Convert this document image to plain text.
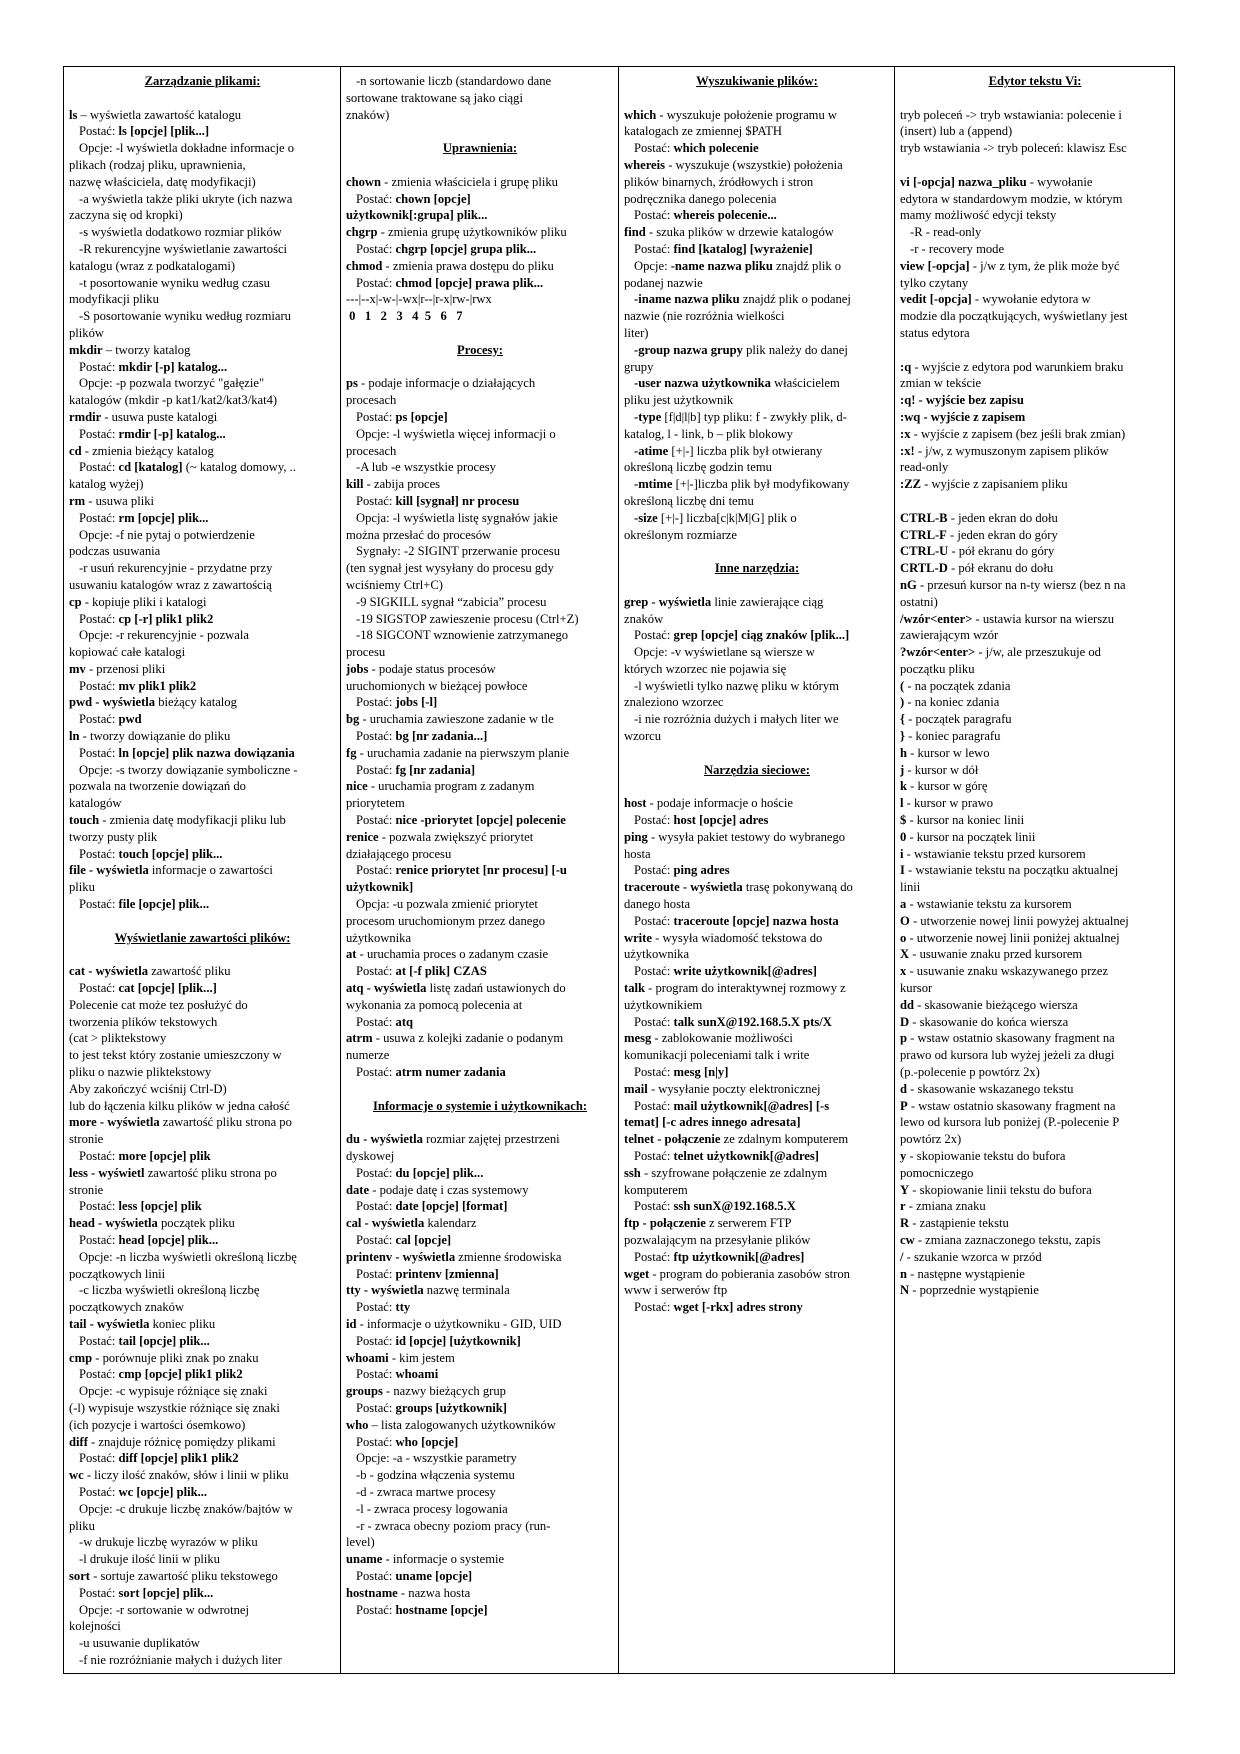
Zarządzanie plikami:
ls – wyświetla zawartość katalogu
Postać: ls [opcje] [plik...]
Opcje: -l wyświetla dokładne informacje o
plikach (rodzaj pliku, uprawnienia,
nazwę właściciela, datę modyfikacji)
-a wyświetla także pliki ukryte (ich nazwa
zaczyna się od kropki)
-s wyświetla dodatkowo rozmiar plików
-R rekurencyjne wyświetlanie zawartości
katalogu (wraz z podkatalogami)
-t posortowanie wyniku według czasu
modyfikacji pliku
-S posortowanie wyniku według rozmiaru
plików
mkdir – tworzy katalog
Postać: mkdir [-p] katalog...
Opcje: -p pozwala tworzyć "gałęzie"
katalogów (mkdir -p kat1/kat2/kat3/kat4)
rmdir - usuwa puste katalogi
Postać: rmdir [-p] katalog...
cd - zmienia bieżący katalog
Postać: cd [katalog] (~ katalog domowy, ..
katalog wyżej)
rm - usuwa pliki
Postać: rm [opcje] plik...
Opcje: -f nie pytaj o potwierdzenie
podczas usuwania
-r usuń rekurencyjnie - przydatne przy
usuwaniu katalogów wraz z zawartością
cp - kopiuje pliki i katalogi
Postać: cp [-r] plik1 plik2
Opcje: -r rekurencyjnie - pozwala
kopiować całe katalogi
mv - przenosi pliki
Postać: mv plik1 plik2
pwd - wyświetla bieżący katalog
Postać: pwd
ln - tworzy dowiązanie do pliku
Postać: ln [opcje] plik nazwa dowiązania
Opcje: -s tworzy dowiązanie symboliczne -
pozwala na tworzenie dowiązań do
katalogów
touch - zmienia datę modyfikacji pliku lub
tworzy pusty plik
Postać: touch [opcje] plik...
file - wyświetla informacje o zawartości
pliku
Postać: file [opcje] plik...
Wyświetlanie zawartości plików:
cat - wyświetla zawartość pliku
Postać: cat [opcje] [plik...]
Polecenie cat może tez posłużyć do
tworzenia plików tekstowych
(cat > pliktekstowy
to jest tekst który zostanie umieszczony w
pliku o nazwie pliktekstowy
Aby zakończyć wciśnij Ctrl-D)
lub do łączenia kilku plików w jedna całość
more - wyświetla zawartość pliku strona po
stronie
Postać: more [opcje] plik
less - wyświetl zawartość pliku strona po
stronie
Postać: less [opcje] plik
head - wyświetla początek pliku
Postać: head [opcje] plik...
Opcje: -n liczba wyświetli określoną liczbę
początkowych linii
-c liczba wyświetli określoną liczbę
początkowych znaków
tail - wyświetla koniec pliku
Postać: tail [opcje] plik...
cmp - porównuje pliki znak po znaku
Postać: cmp [opcje] plik1 plik2
Opcje: -c wypisuje różniące się znaki
(-l) wypisuje wszystkie różniące się znaki
(ich pozycje i wartości ósemkowo)
diff - znajduje różnicę pomiędzy plikami
Postać: diff [opcje] plik1 plik2
wc - liczy ilość znaków, słów i linii w pliku
Postać: wc [opcje] plik...
Opcje: -c drukuje liczbę znaków/bajtów w
pliku
-w drukuje liczbę wyrazów w pliku
-l drukuje ilość linii w pliku
sort - sortuje zawartość pliku tekstowego
Postać: sort [opcje] plik...
Opcje: -r sortowanie w odwrotnej
kolejności
-u usuwanie duplikatów
-f nie rozróżnianie małych i dużych liter
-n sortowanie liczb (standardowo dane
sortowane traktowane są jako ciągi
znaków)
Uprawnienia:
chown - zmienia właściciela i grupę pliku
Postać: chown [opcje]
użytkownik[:grupa] plik...
chgrp - zmienia grupę użytkowników pliku
Postać: chgrp [opcje] grupa plik...
chmod - zmienia prawa dostępu do pliku
Postać: chmod [opcje] prawa plik...
---|--x|-w-|-wx|r--|r-x|rw-|rwx
0   1   2   3   4  5   6   7
Procesy:
ps - podaje informacje o działających
procesach
Postać: ps [opcje]
Opcje: -l wyświetla więcej informacji o
procesach
-A lub -e wszystkie procesy
kill - zabija proces
Postać: kill [sygnał] nr procesu
Opcja: -l wyświetla listę sygnałów jakie
można przesłać do procesów
Sygnały: -2 SIGINT przerwanie procesu
(ten sygnał jest wysyłany do procesu gdy
wciśniemy Ctrl+C)
-9 SIGKILL sygnał “zabicia” procesu
-19 SIGSTOP zawieszenie procesu (Ctrl+Z)
-18 SIGCONT wznowienie zatrzymanego
procesu
jobs - podaje status procesów
uruchomionych w bieżącej powłoce
Postać: jobs [-l]
bg - uruchamia zawieszone zadanie w tle
Postać: bg [nr zadania...]
fg - uruchamia zadanie na pierwszym planie
Postać: fg [nr zadania]
nice - uruchamia program z zadanym
priorytetem
Postać: nice -priorytet [opcje] polecenie
renice - pozwala zwiększyć priorytet
działającego procesu
Postać: renice priorytet [nr procesu] [-u
użytkownik]
Opcja: -u pozwala zmienić priorytet
procesom uruchomionym przez danego
użytkownika
at - uruchamia proces o zadanym czasie
Postać: at [-f plik] CZAS
atq - wyświetla listę zadań ustawionych do
wykonania za pomocą polecenia at
Postać: atq
atrm - usuwa z kolejki zadanie o podanym
numerze
Postać: atrm numer zadania
Informacje o systemie i użytkownikach:
du - wyświetla rozmiar zajętej przestrzeni
dyskowej
Postać: du [opcje] plik...
date - podaje datę i czas systemowy
Postać: date [opcje] [format]
cal - wyświetla kalendarz
Postać: cal [opcje]
printenv - wyświetla zmienne środowiska
Postać: printenv [zmienna]
tty - wyświetla nazwę terminala
Postać: tty
id - informacje o użytkowniku - GID, UID
Postać: id [opcje] [użytkownik]
whoami - kim jestem
Postać: whoami
groups - nazwy bieżących grup
Postać: groups [użytkownik]
who – lista zalogowanych użytkowników
Postać: who [opcje]
Opcje: -a - wszystkie parametry
-b - godzina włączenia systemu
-d - zwraca martwe procesy
-l - zwraca procesy logowania
-r - zwraca obecny poziom pracy (run-
level)
uname - informacje o systemie
Postać: uname [opcje]
hostname - nazwa hosta
Postać: hostname [opcje]
Wyszukiwanie plików:
which - wyszukuje położenie programu w
katalogach ze zmiennej $PATH
Postać: which polecenie
whereis - wyszukuje (wszystkie) położenia
plików binarnych, źródłowych i stron
podręcznika danego polecenia
Postać: whereis polecenie...
find - szuka plików w drzewie katalogów
Postać: find [katalog] [wyrażenie]
Opcje: -name nazwa pliku znajdź plik o
podanej nazwie
-iname nazwa pliku znajdź plik o podanej
nazwie (nie rozróżnia wielkości
liter)
-group nazwa grupy plik należy do danej
grupy
-user nazwa użytkownika właścicielem
pliku jest użytkownik
-type [f|d|l|b] typ pliku: f - zwykły plik, d-
katalog, l - link, b – plik blokowy
-atime [+|-] liczba plik był otwierany
określoną liczbę godzin temu
-mtime [+|-]liczba plik był modyfikowany
określoną liczbę dni temu
-size [+|-] liczba[c|k|M|G] plik o
określonym rozmiarze
Inne narzędzia:
grep - wyświetla linie zawierające ciąg
znaków
Postać: grep [opcje] ciąg znaków [plik...]
Opcje: -v wyświetlane są wiersze w
których wzorzec nie pojawia się
-l wyświetli tylko nazwę pliku w którym
znaleziono wzorzec
-i nie rozróżnia dużych i małych liter we
wzorcu
Narzędzia sieciowe:
host - podaje informacje o hoście
Postać: host [opcje] adres
ping - wysyła pakiet testowy do wybranego
hosta
Postać: ping adres
traceroute - wyświetla trasę pokonywaną do
danego hosta
Postać: traceroute [opcje] nazwa hosta
write - wysyła wiadomość tekstowa do
użytkownika
Postać: write użytkownik[@adres]
talk - program do interaktywnej rozmowy z
użytkownikiem
Postać: talk sunX@192.168.5.X pts/X
mesg - zablokowanie możliwości
komunikacji poleceniami talk i write
Postać: mesg [n|y]
mail - wysyłanie poczty elektronicznej
Postać: mail użytkownik[@adres] [-s
temat] [-c adres innego adresata]
telnet - połączenie ze zdalnym komputerem
Postać: telnet użytkownik[@adres]
ssh - szyfrowane połączenie ze zdalnym
komputerem
Postać: ssh sunX@192.168.5.X
ftp - połączenie z serwerem FTP
pozwalającym na przesyłanie plików
Postać: ftp użytkownik[@adres]
wget - program do pobierania zasobów stron
www i serwerów ftp
Postać: wget [-rkx] adres strony
Edytor tekstu Vi:
tryb poleceń -> tryb wstawiania: polecenie i
(insert) lub a (append)
tryb wstawiania -> tryb poleceń: klawisz Esc
vi [-opcja] nazwa_pliku - wywołanie
edytora w standardowym modzie, w którym
mamy możliwość edycji teksty
-R - read-only
-r - recovery mode
view [-opcja] - j/w z tym, że plik może być
tylko czytany
vedit [-opcja] - wywołanie edytora w
modzie dla początkujących, wyświetlany jest
status edytora
:q - wyjście z edytora pod warunkiem braku
zmian w tekście
:q! - wyjście bez zapisu
:wq - wyjście z zapisem
:x - wyjście z zapisem (bez jeśli brak zmian)
:x! - j/w, z wymuszonym zapisem plików
read-only
:ZZ - wyjście z zapisaniem pliku
CTRL-B - jeden ekran do dołu
CTRL-F - jeden ekran do góry
CTRL-U - pół ekranu do góry
CRTL-D - pół ekranu do dołu
nG - przesuń kursor na n-ty wiersz (bez n na
ostatni)
/wzór<enter> - ustawia kursor na wierszu
zawierającym wzór
?wzór<enter> - j/w, ale przeszukuje od
początku pliku
( - na początek zdania
) - na koniec zdania
{ - początek paragrafu
} - koniec paragrafu
h - kursor w lewo
j - kursor w dół
k - kursor w górę
l - kursor w prawo
$ - kursor na koniec linii
0 - kursor na początek linii
i - wstawianie tekstu przed kursorem
I - wstawianie tekstu na początku aktualnej
linii
a - wstawianie tekstu za kursorem
O - utworzenie nowej linii powyżej aktualnej
o - utworzenie nowej linii poniżej aktualnej
X - usuwanie znaku przed kursorem
x - usuwanie znaku wskazywanego przez
kursor
dd - skasowanie bieżącego wiersza
D - skasowanie do końca wiersza
p - wstaw ostatnio skasowany fragment na
prawo od kursora lub wyżej jeżeli za długi
(p.-polecenie p powtórz 2x)
d - skasowanie wskazanego tekstu
P - wstaw ostatnio skasowany fragment na
lewo od kursora lub poniżej (P.-polecenie P
powtórz 2x)
y - skopiowanie tekstu do bufora
pomocniczego
Y - skopiowanie linii tekstu do bufora
r - zmiana znaku
R - zastąpienie tekstu
cw - zmiana zaznaczonego tekstu, zapis
/ - szukanie wzorca w przód
n - następne wystąpienie
N - poprzednie wystąpienie
